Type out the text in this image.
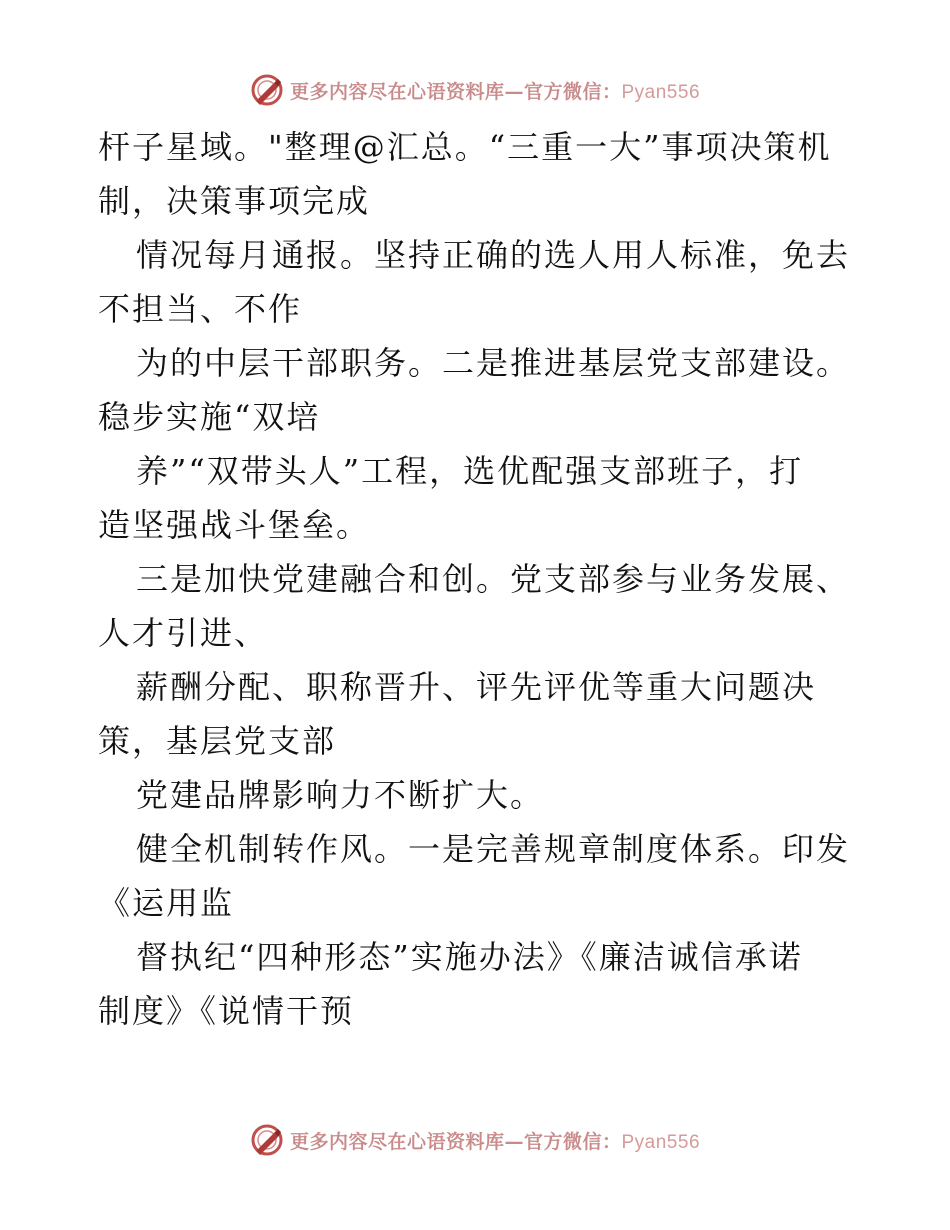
更多内容尽在心语资料库—官方微信：Pyan556
杆子星域。"整理@汇总。“三重一大”事项决策机
制，决策事项完成
情况每月通报。坚持正确的选人用人标准，免去
不担当、不作
为的中层干部职务。二是推进基层党支部建设。
稳步实施“双培
养”“双带头人”工程，选优配强支部班子，打
造坚强战斗堡垒。
三是加快党建融合和创。党支部参与业务发展、
人才引进、
薪酬分配、职称晋升、评先评优等重大问题决
策，基层党支部
党建品牌影响力不断扩大。
健全机制转作风。一是完善规章制度体系。印发
《运用监
督执纪“四种形态”实施办法》《廉洁诚信承诺
制度》《说情干预
更多内容尽在心语资料库—官方微信：Pyan556
